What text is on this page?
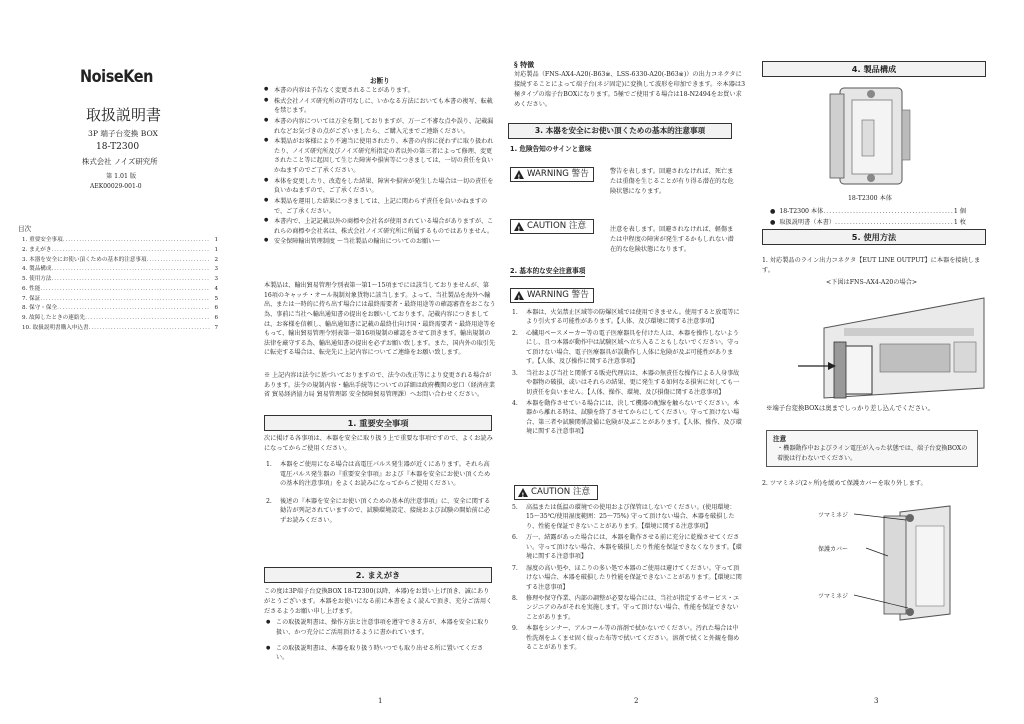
NoiseKen
取扱説明書
3P 端子台変換 BOX
18-T2300
株式会社 ノイズ研究所
第 1.01 版
AEK00029-001-0
目次
1. 重要安全事項 .....	1
2. まえがき .....	1
3. 本器を安全にお使い頂くための基本的注意事項 .....	2
4. 製品構成 .....	3
5. 使用方法 .....	3
6. 性能 .....	4
7. 保証 .....	5
8. 保守・保全 .....	6
9. 故障したときの連絡先 .....	6
10. 取扱説明書購入申込書 .....	7
お断り
● 本書の内容は予告なく変更されることがあります。
● 株式会社ノイズ研究所の許可なしに、いかなる方法においても本書の複写、転載を禁じます。
● 本書の内容については万全を期しておりますが、万一ご不審な点や誤り、記載漏れなどお気づきの点がございましたら、ご購入元までご連絡ください。
● 本製品がお客様により不適当に使用されたり、本書の内容に従わずに取り扱われたり、ノイズ研究所及びノイズ研究所指定の者以外の第三者によって修理、変更されたこと等に起因して生じた障害や損害等につきましては、一切の責任を負いかねますのでご了承ください。
● 本体を変更したり、改造をした結果、障害や損害が発生した場合は一切の責任を負いかねますので、ご了承ください。
● 本製品を運用した結果につきましては、上記に関わらず責任を負いかねますので、ご了承ください。
● 本書内で、上記記載以外の商標や会社名が使用されている場合がありますが、これらの商標や会社名は、株式会社ノイズ研究所に所属するものではありません。
● 安全保障輸出管理制度 〜当社製品の輸出についてのお願い〜
本製品は、輸出貿易管理令別表第一第1〜15項までには該当しておりませんが、第16項のキャッチ・オール規制対象貨物に該当します。よって、当社製品を海外へ輸出、または一時的に持ち出す場合には最終需要者・最終用途等の確認審査をおこなう為、事前に当社へ輸出通知書の提出をお願いしております。記載内容につきましては、お客様を信頼し、輸出通知書に記載の最終仕向け国・最終需要者・最終用途等をもって、輸出貿易管理令別表第一第16項規制の確認をさせて頂きます。輸出規制の法律を厳守する為、輸出通知書の提出を必ずお願い致します。また、国内外の取引先に転売する場合は、転売先に上記内容についてご連絡をお願い致します。
※ 上記内容は法令に基づいておりますので、法令の改正等により変更される場合があります。法令の規制内容・輸出手続等についての詳細は政府機関の窓口（経済産業省 貿易経済協力局 貿易管理部 安全保障貿易管理課）へお問い合わせください。
1. 重要安全事項
次に掲げる各事項は、本器を安全に取り扱う上で重要な事項ですので、よくお読みになってからご使用ください。
1. 本器をご使用になる場合は高電圧パルス発生器が近くにあります。それら高電圧パルス発生器の『重要安全事項』および『本器を安全にお使い頂くための基本的注意事項』をよくお読みになってからご使用ください。
2. 後述の『本器を安全にお使い頂くための基本的注意事項』に、安全に関する勧告が列記されていますので、試験環境設定、接続および試験の開始前に必ずお読みください。
2. まえがき
この度は3P端子台変換BOX 18-T2300(以降、本器)をお買い上げ頂き、誠にありがとうございます。本器をお使いになる前に本書をよく読んで頂き、充分ご活用くださるようお願い申し上げます。
● この取扱説明書は、操作方法と注意事項を遵守できる方が、本器を安全に取り扱い、かつ充分にご活用頂けるように書かれています。
● この取扱説明書は、本器を取り扱う時いつでも取り出せる所に置いてください。
§ 特徴
対応製品（FNS-AX4-A20(-B63※、LSS-6330-A20(-B63※)）の出力コネクタに接続することによって端子台(ネジ固定)に変換して波形を印加できます。※本器は3極タイプの端子台BOXになります。5極でご使用する場合は18-N2494をお買い求めください。
3. 本器を安全にお使い頂くための基本的注意事項
1. 危険告知のサインと意味
!
WARNING 警告	警告を表します。回避されなければ、死亡または重傷を生じることが有り得る潜在的な危険状態になります。
!
CAUTION 注意	注意を表します。回避されなければ、軽傷または中程度の障害が発生するかもしれない潜在的な危険状態になります。
2. 基本的な安全注意事項
!
WARNING 警告
1. 本器は、火気禁止区域等の防爆区域では使用できません。使用すると放電等により引火する可能性があります。【人体、及び環境に関する注意事項】
2. 心臓用ペースメーカー等の電子医療器具を付けた人は、本器を操作しないようにし、且つ本器が動作中は試験区域へ立ち入ることもしないでください。守って頂けない場合、電子医療器具が誤動作し人体に危険が及ぶ可能性があります。【人体、及び操作に関する注意事項】
3. 当社および当社と関係する販売代理店は、本器の無責任な操作による人身事故や器物の破損、或いはそれらの結果、更に発生する如何なる損害に対しても一切責任を負いません。【人体、操作、環境、及び損傷に関する注意事項】
4. 本器を動作させている場合には、決して機器の配線を触らないでください。本器から離れる時は、試験を終了させてからにしてください。守って頂けない場合、第三者や試験関係設備に危険が及ぶことがあります。【人体、操作、及び環境に関する注意事項】
!
CAUTION 注意
5. 高温または低温の環境での使用および保管はしないでください。(使用環境：15〜35℃/使用湿度範囲：25〜75%) 守って頂けない場合、本器を破損したり、性能を保証できないことがあります。【環境に関する注意事項】
6. 万一、結露があった場合には、本器を動作させる前に充分に乾燥させてください。守って頂けない場合、本器を破損したり性能を保証できなくなります。【環境に関する注意事項】
7. 湿度の高い処や、ほこりの多い処で本器のご使用は避けてください。守って頂けない場合、本器を破損したり性能を保証できないことがあります。【環境に関する注意事項】
8. 修理や保守作業、内部の調整が必要な場合には、当社が指定するサービス・エンジニアのみがそれを実施します。守って頂けない場合、性能を保証できないことがあります。
9. 本器をシンナー、アルコール等の溶剤で拭かないでください。汚れた場合は中性洗剤をふくませ固く絞った布等で拭いてください。溶剤で拭くと外観を傷めることがあります。
4. 製品構成
18-T2300 本体
●  18-T2300 本体 .....	1 個
●  取扱説明書（本書） .....	1 枚
5. 使用方法
1. 対応製品のライン出力コネクタ【EUT LINE OUTPUT】に本器を接続します。
<下図はFNS-AX4-A20の場合>
※端子台変換BOXは奥までしっかり差し込んでください。
注意
・機器動作中およびライン電圧が入った状態では、端子台変換BOXの着脱は行わないでください。
2. ツマミネジ(2ヶ所)を緩めて保護カバーを取り外します。
ツマミネジ
保護カバー
ツマミネジ
1	2	3
